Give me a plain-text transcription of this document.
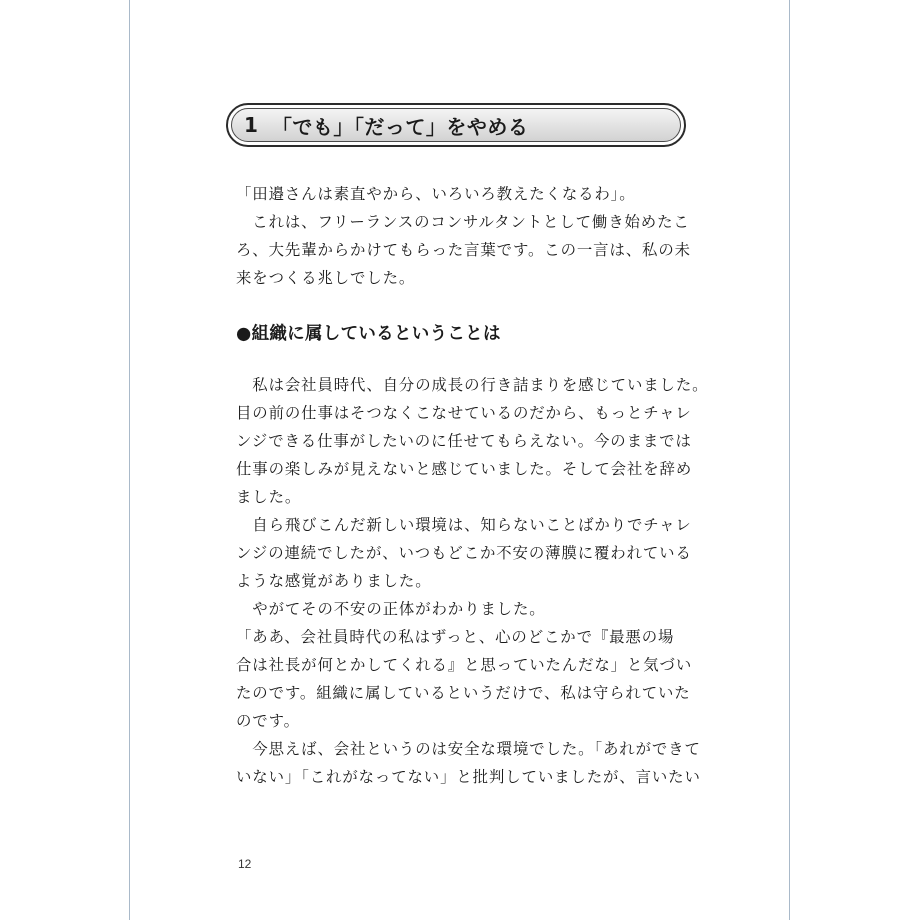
1 「でも」「だって」をやめる
「田邉さんは素直やから、いろいろ教えたくなるわ」。
　これは、フリーランスのコンサルタントとして働き始めたこ
ろ、大先輩からかけてもらった言葉です。この一言は、私の未
来をつくる兆しでした。
●組織に属しているということは
　私は会社員時代、自分の成長の行き詰まりを感じていました。
目の前の仕事はそつなくこなせているのだから、もっとチャレ
ンジできる仕事がしたいのに任せてもらえない。今のままでは
仕事の楽しみが見えないと感じていました。そして会社を辞め
ました。
　自ら飛びこんだ新しい環境は、知らないことばかりでチャレ
ンジの連続でしたが、いつもどこか不安の薄膜に覆われている
ような感覚がありました。
　やがてその不安の正体がわかりました。
「ああ、会社員時代の私はずっと、心のどこかで『最悪の場
合は社長が何とかしてくれる』と思っていたんだな」と気づい
たのです。組織に属しているというだけで、私は守られていた
のです。
　今思えば、会社というのは安全な環境でした。「あれができて
いない」「これがなってない」と批判していましたが、言いたい
12
